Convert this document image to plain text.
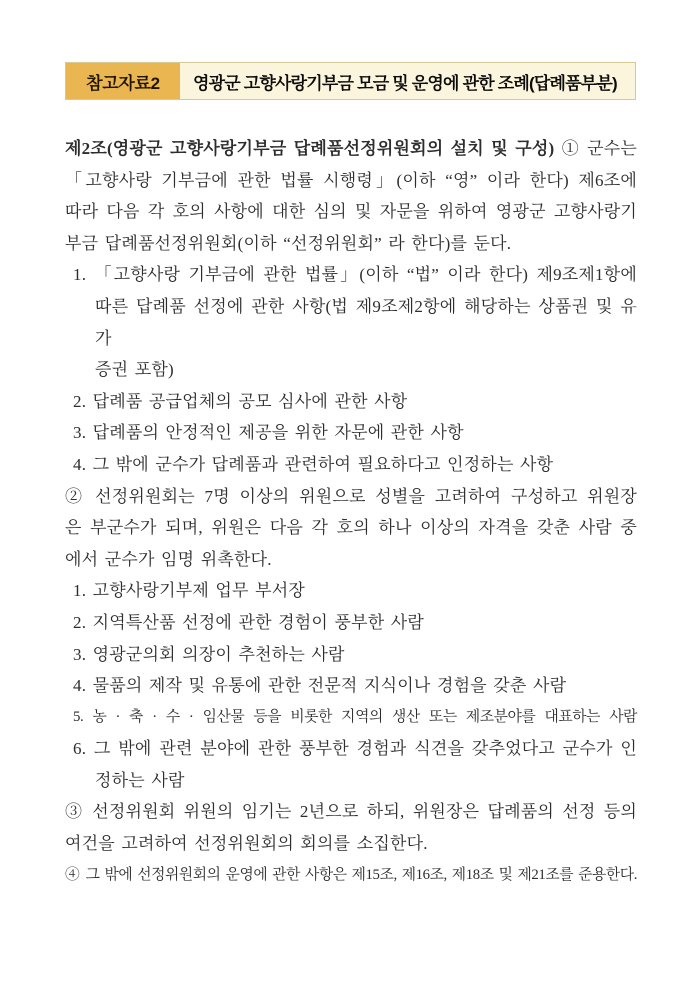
참고자료2	영광군 고향사랑기부금 모금 및 운영에 관한 조례(답례품부분)
제2조(영광군 고향사랑기부금 답례품선정위원회의 설치 및 구성) ① 군수는
「고향사랑 기부금에 관한 법률 시행령」(이하 “영” 이라 한다) 제6조에
따라 다음 각 호의 사항에 대한 심의 및 자문을 위하여 영광군 고향사랑기
부금 답례품선정위원회(이하 “선정위원회” 라 한다)를 둔다.
1. 「고향사랑 기부금에 관한 법률」(이하 “법” 이라 한다) 제9조제1항에
따른 답례품 선정에 관한 사항(법 제9조제2항에 해당하는 상품권 및 유가
증권 포함)
2. 답례품 공급업체의 공모 심사에 관한 사항
3. 답례품의 안정적인 제공을 위한 자문에 관한 사항
4. 그 밖에 군수가 답례품과 관련하여 필요하다고 인정하는 사항
② 선정위원회는 7명 이상의 위원으로 성별을 고려하여 구성하고 위원장
은 부군수가 되며, 위원은 다음 각 호의 하나 이상의 자격을 갖춘 사람 중
에서 군수가 임명 위촉한다.
1. 고향사랑기부제 업무 부서장
2. 지역특산품 선정에 관한 경험이 풍부한 사람
3. 영광군의회 의장이 추천하는 사람
4. 물품의 제작 및 유통에 관한 전문적 지식이나 경험을 갖춘 사람
5. 농 · 축 · 수 · 임산물 등을 비롯한 지역의 생산 또는 제조분야를 대표하는 사람
6. 그 밖에 관련 분야에 관한 풍부한 경험과 식견을 갖추었다고 군수가 인
정하는 사람
③ 선정위원회 위원의 임기는 2년으로 하되, 위원장은 답례품의 선정 등의
여건을 고려하여 선정위원회의 회의를 소집한다.
④ 그 밖에 선정위원회의 운영에 관한 사항은 제15조, 제16조, 제18조 및 제21조를 준용한다.
